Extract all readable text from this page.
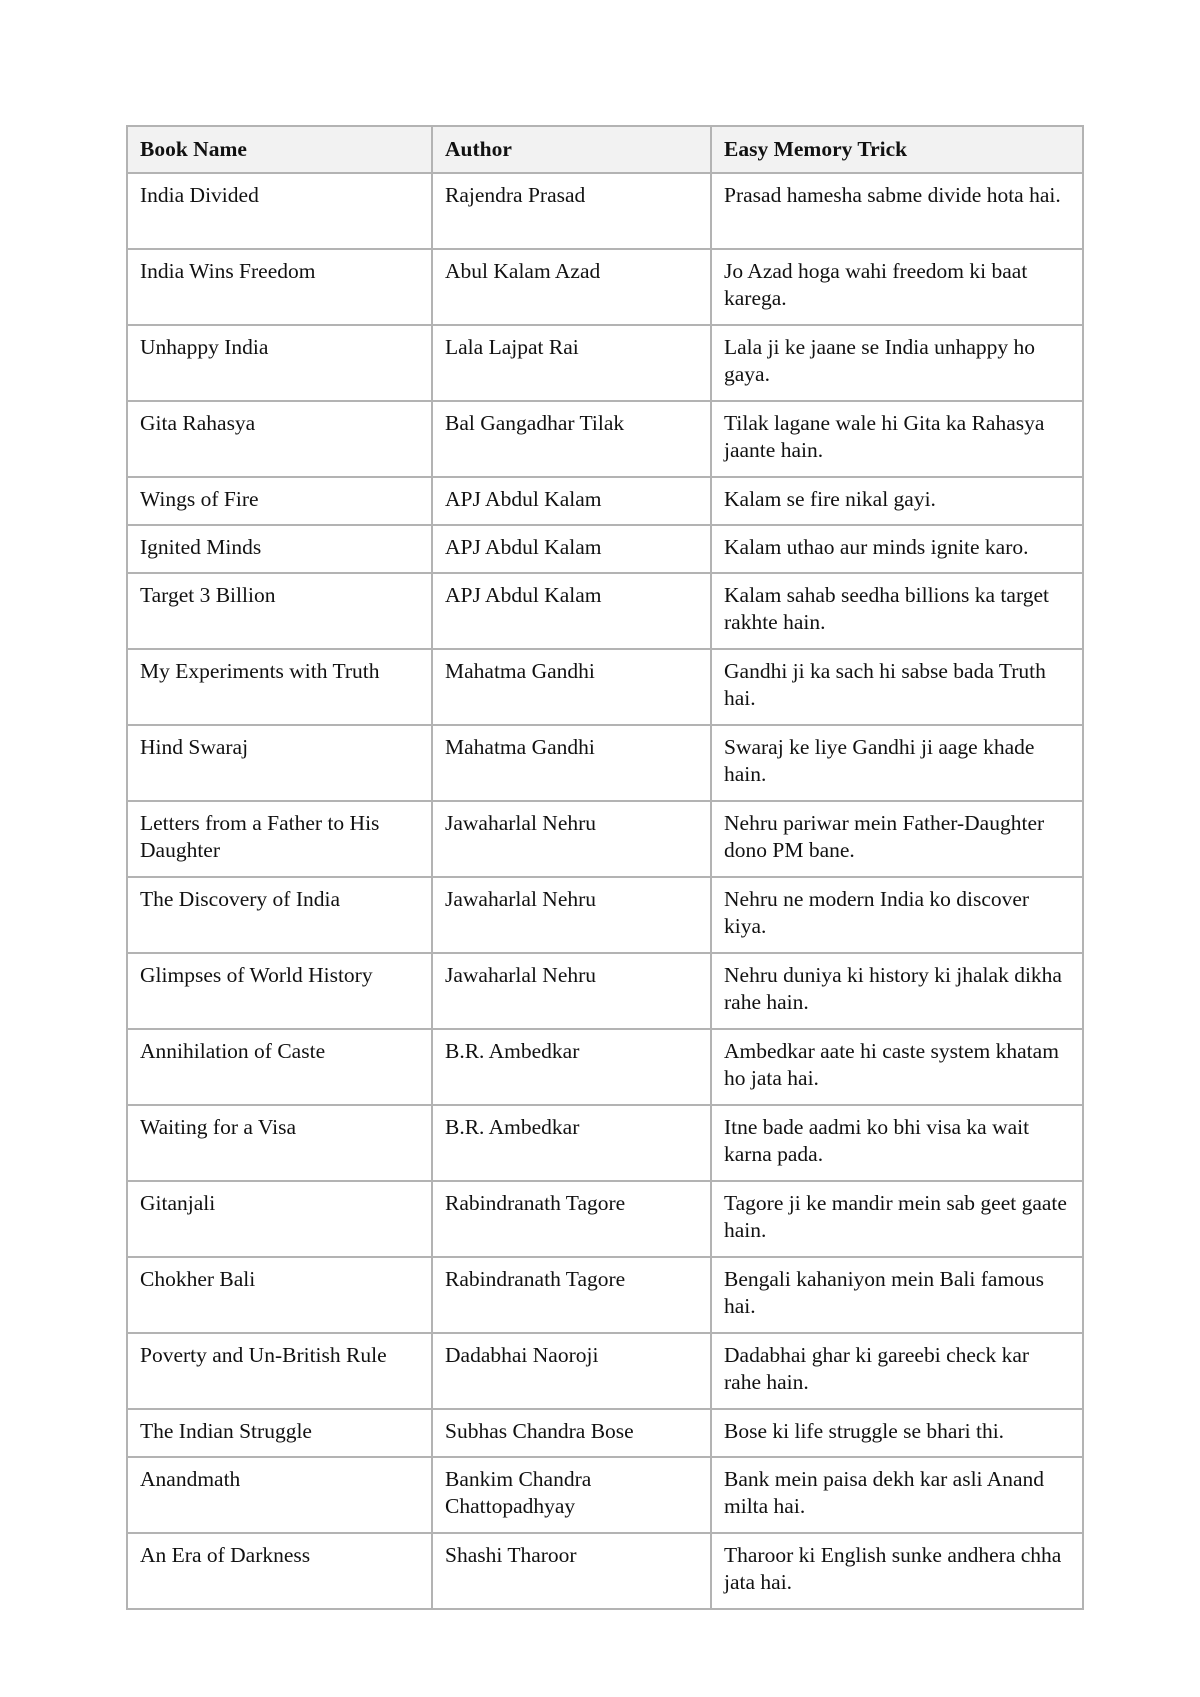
Book Name	Author	Easy Memory Trick
India Divided	Rajendra Prasad	Prasad hamesha sabme divide hota hai.
India Wins Freedom	Abul Kalam Azad	Jo Azad hoga wahi freedom ki baat karega.
Unhappy India	Lala Lajpat Rai	Lala ji ke jaane se India unhappy ho gaya.
Gita Rahasya	Bal Gangadhar Tilak	Tilak lagane wale hi Gita ka Rahasya jaante hain.
Wings of Fire	APJ Abdul Kalam	Kalam se fire nikal gayi.
Ignited Minds	APJ Abdul Kalam	Kalam uthao aur minds ignite karo.
Target 3 Billion	APJ Abdul Kalam	Kalam sahab seedha billions ka target rakhte hain.
My Experiments with Truth	Mahatma Gandhi	Gandhi ji ka sach hi sabse bada Truth hai.
Hind Swaraj	Mahatma Gandhi	Swaraj ke liye Gandhi ji aage khade hain.
Letters from a Father to His Daughter	Jawaharlal Nehru	Nehru pariwar mein Father-Daughter dono PM bane.
The Discovery of India	Jawaharlal Nehru	Nehru ne modern India ko discover kiya.
Glimpses of World History	Jawaharlal Nehru	Nehru duniya ki history ki jhalak dikha rahe hain.
Annihilation of Caste	B.R. Ambedkar	Ambedkar aate hi caste system khatam ho jata hai.
Waiting for a Visa	B.R. Ambedkar	Itne bade aadmi ko bhi visa ka wait karna pada.
Gitanjali	Rabindranath Tagore	Tagore ji ke mandir mein sab geet gaate hain.
Chokher Bali	Rabindranath Tagore	Bengali kahaniyon mein Bali famous hai.
Poverty and Un-British Rule	Dadabhai Naoroji	Dadabhai ghar ki gareebi check kar rahe hain.
The Indian Struggle	Subhas Chandra Bose	Bose ki life struggle se bhari thi.
Anandmath	Bankim Chandra Chattopadhyay	Bank mein paisa dekh kar asli Anand milta hai.
An Era of Darkness	Shashi Tharoor	Tharoor ki English sunke andhera chha jata hai.
